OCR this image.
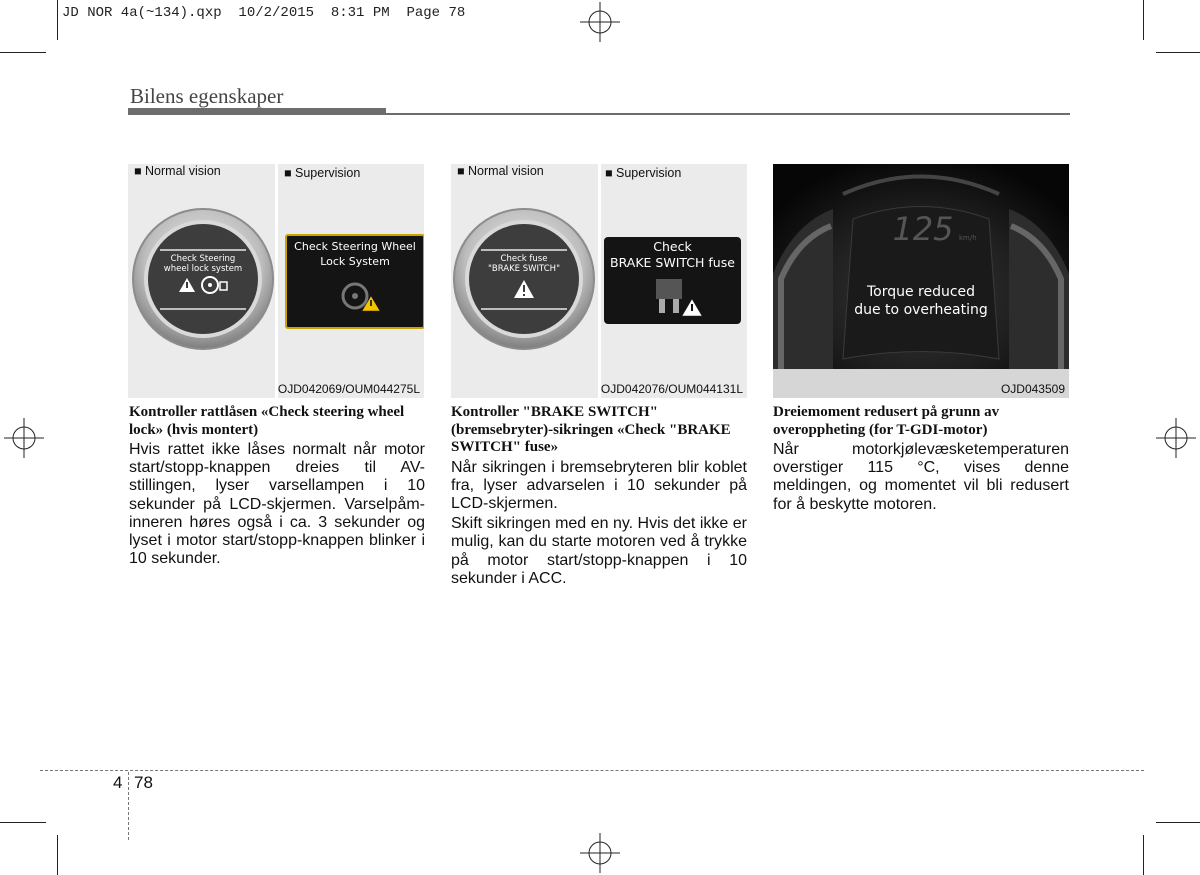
JD NOR 4a(~134).qxp  10/2/2015  8:31 PM  Page 78
Bilens egenskaper
■ Normal vision
Check Steering
wheel lock system
■ Supervision
Check Steering Wheel
Lock System
OJD042069/OUM044275L
■ Normal vision
Check fuse
"BRAKE SWITCH"
■ Supervision
Check
BRAKE SWITCH fuse
OJD042076/OUM044131L
125 km/h
Torque reduced
due to overheating
OJD043509
Kontroller rattlåsen «Check steering wheel lock» (hvis montert)
Hvis rattet ikke låses normalt når motor start/stopp-knappen dreies til AV-stillingen, lyser varsellampen i 10 sekunder på LCD-skjermen. Varselpåm-inneren høres også i ca. 3 sekunder og lyset i motor start/stopp-knappen blinker i 10 sekunder.
Kontroller "BRAKE SWITCH" (bremsebryter)-sikringen «Check "BRAKE SWITCH" fuse»
Når sikringen i bremsebryteren blir koblet fra, lyser advarselen i 10 sekunder på LCD-skjermen.
Skift sikringen med en ny. Hvis det ikke er mulig, kan du starte motoren ved å trykke på motor start/stopp-knappen i 10 sekunder i ACC.
Dreiemoment redusert på grunn av overoppheting (for T-GDI-motor)
Når motorkjølevæsketemperaturen overstiger 115 °C, vises denne meldingen, og momentet vil bli redusert for å beskytte motoren.
4 78
